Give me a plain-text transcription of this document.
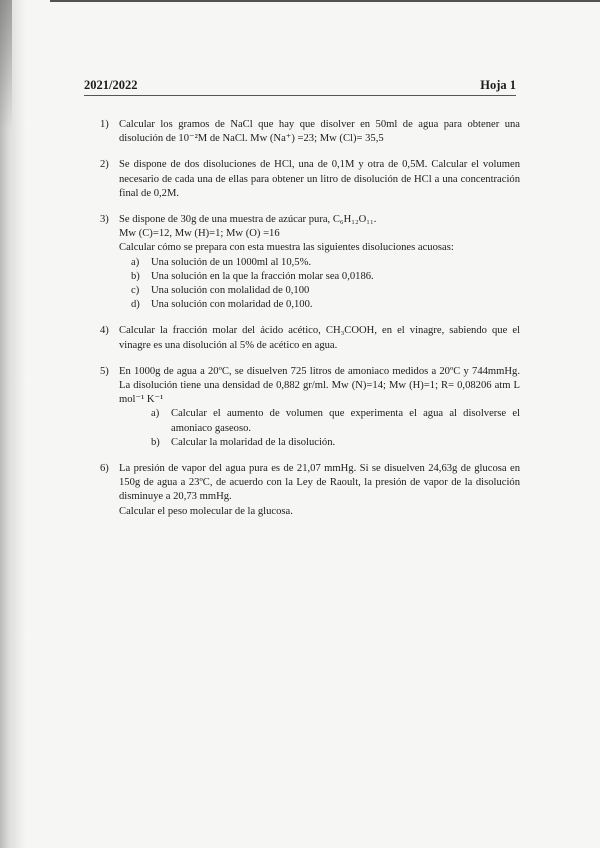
2021/2022	Hoja 1
1) Calcular los gramos de NaCl que hay que disolver en 50ml de agua para obtener una disolución de 10⁻²M de NaCl. Mw (Na⁺) =23; Mw (Cl)= 35,5

2) Se dispone de dos disoluciones de HCl, una de 0,1M y otra de 0,5M. Calcular el volumen necesario de cada una de ellas para obtener un litro de disolución de HCl a una concentración final de 0,2M.

3) Se dispone de 30g de una muestra de azúcar pura, C₆H₁₂O₁₁.

Mw (C)=12, Mw (H)=1; Mw (O) =16

Calcular cómo se prepara con esta muestra las siguientes disoluciones acuosas:

a) Una solución de un 1000ml al 10,5%.
b) Una solución en la que la fracción molar sea 0,0186.
c) Una solución con molalidad de 0,100
d) Una solución con molaridad de 0,100.
4) Calcular la fracción molar del ácido acético, CH₃COOH, en el vinagre, sabiendo que el vinagre es una disolución al 5% de acético en agua.

5) En 1000g de agua a 20ºC, se disuelven 725 litros de amoniaco medidos a 20ºC y 744mmHg. La disolución tiene una densidad de 0,882 gr/ml. Mw (N)=14; Mw (H)=1; R= 0,08206 atm L mol⁻¹ K⁻¹

a) Calcular el aumento de volumen que experimenta el agua al disolverse el amoniaco gaseoso.
b) Calcular la molaridad de la disolución.
6) La presión de vapor del agua pura es de 21,07 mmHg. Si se disuelven 24,63g de glucosa en 150g de agua a 23ºC, de acuerdo con la Ley de Raoult, la presión de vapor de la disolución disminuye a 20,73 mmHg.

Calcular el peso molecular de la glucosa.
